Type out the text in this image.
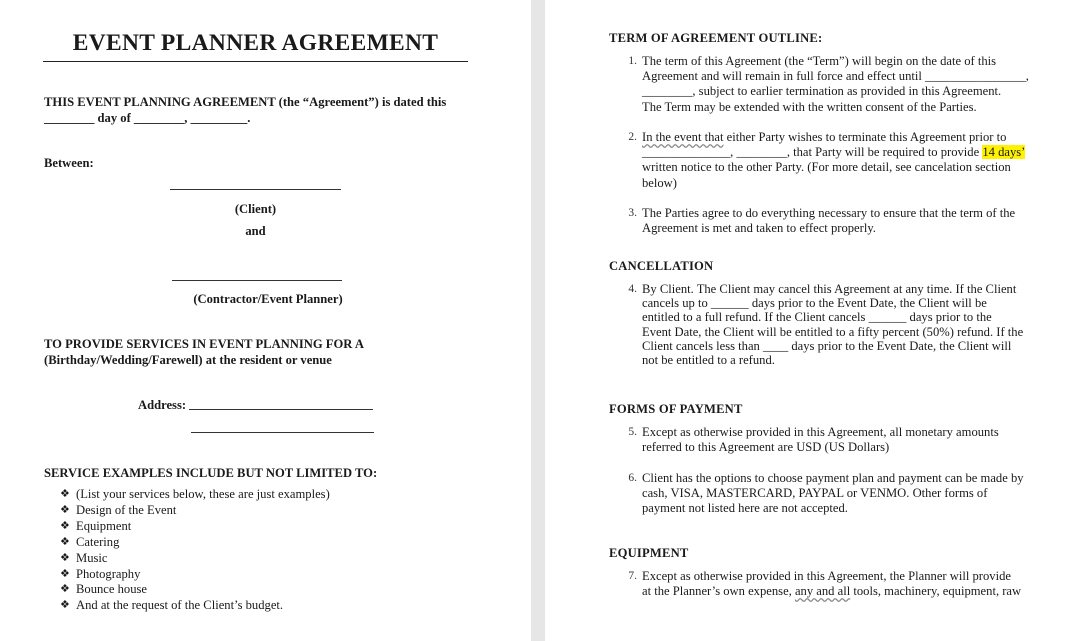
EVENT PLANNER AGREEMENT
THIS EVENT PLANNING AGREEMENT (the “Agreement”) is dated this
________ day of ________, _________.
Between:
(Client)
and
(Contractor/Event Planner)
TO PROVIDE SERVICES IN EVENT PLANNING FOR A
(Birthday/Wedding/Farewell) at the resident or venue
Address:
SERVICE EXAMPLES INCLUDE BUT NOT LIMITED TO:
❖ (List your services below, these are just examples)
❖ Design of the Event
❖ Equipment
❖ Catering
❖ Music
❖ Photography
❖ Bounce house
❖ And at the request of the Client’s budget.
TERM OF AGREEMENT OUTLINE:
1. The term of this Agreement (the “Term”) will begin on the date of this
Agreement and will remain in full force and effect until ________________,
________, subject to earlier termination as provided in this Agreement.
The Term may be extended with the written consent of the Parties.
2. In the event that either Party wishes to terminate this Agreement prior to
______________, ________, that Party will be required to provide 14 days’
written notice to the other Party. (For more detail, see cancelation section
below)
3. The Parties agree to do everything necessary to ensure that the term of the
Agreement is met and taken to effect properly.
CANCELLATION
4. By Client. The Client may cancel this Agreement at any time. If the Client
cancels up to ______ days prior to the Event Date, the Client will be
entitled to a full refund. If the Client cancels ______ days prior to the
Event Date, the Client will be entitled to a fifty percent (50%) refund. If the
Client cancels less than ____ days prior to the Event Date, the Client will
not be entitled to a refund.
FORMS OF PAYMENT
5. Except as otherwise provided in this Agreement, all monetary amounts
referred to this Agreement are USD (US Dollars)
6. Client has the options to choose payment plan and payment can be made by
cash, VISA, MASTERCARD, PAYPAL or VENMO. Other forms of
payment not listed here are not accepted.
EQUIPMENT
7. Except as otherwise provided in this Agreement, the Planner will provide
at the Planner’s own expense, any and all tools, machinery, equipment, raw
